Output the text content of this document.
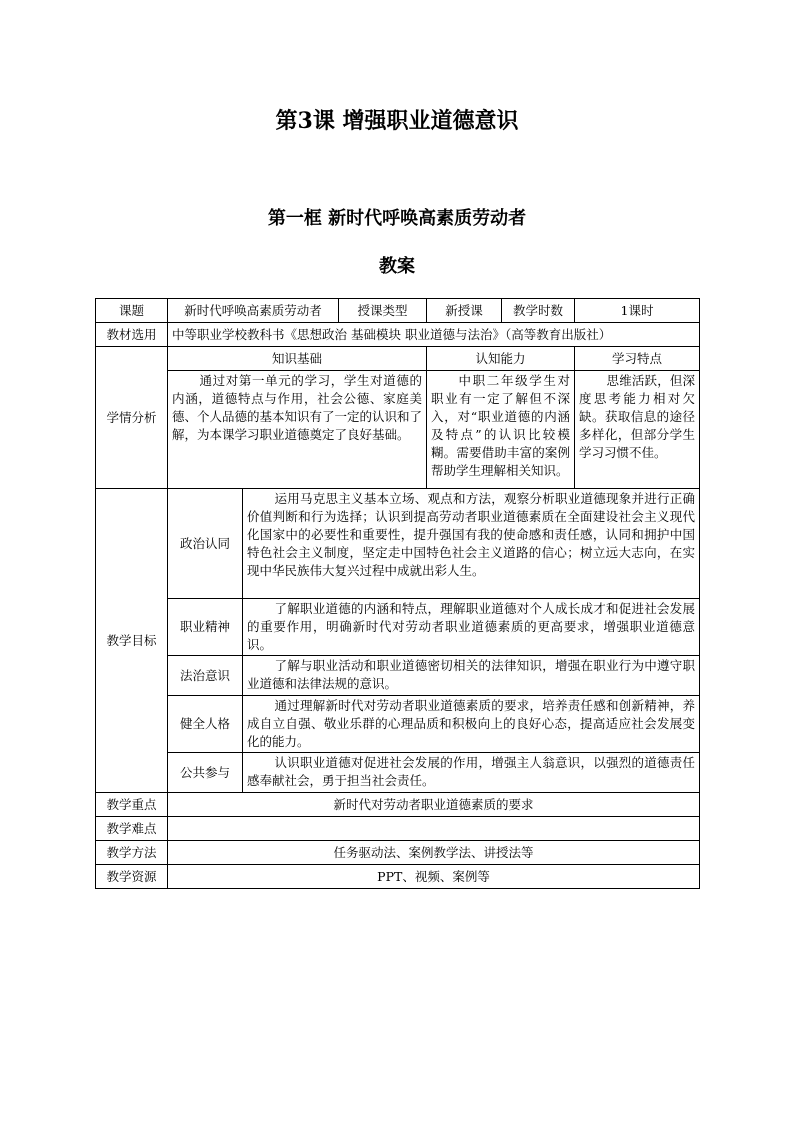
第3课 增强职业道德意识
第一框 新时代呼唤高素质劳动者
教案
课题	新时代呼唤高素质劳动者		授课类型	新授课	教学时数	1课时
教材选用	中等职业学校教科书《思想政治 基础模块 职业道德与法治》（高等教育出版社）					
学情分析	知识基础			认知能力		学习特点
	通过对第一单元的学习，学生对道德的内涵，道德特点与作用，社会公德、家庭美德、个人品德的基本知识有了一定的认识和了解，为本课学习职业道德奠定了良好基础。			中职二年级学生对职业有一定了解但不深入，对“职业道德的内涵及特点”的认识比较模糊。需要借助丰富的案例帮助学生理解相关知识。		思维活跃，但深度思考能力相对欠缺。获取信息的途径多样化，但部分学生学习习惯不佳。
教学目标	政治认同	运用马克思主义基本立场、观点和方法，观察分析职业道德现象并进行正确价值判断和行为选择；认识到提高劳动者职业道德素质在全面建设社会主义现代化国家中的必要性和重要性，提升强国有我的使命感和责任感，认同和拥护中国特色社会主义制度，坚定走中国特色社会主义道路的信心；树立远大志向，在实现中华民族伟大复兴过程中成就出彩人生。				
	职业精神	了解职业道德的内涵和特点，理解职业道德对个人成长成才和促进社会发展的重要作用，明确新时代对劳动者职业道德素质的更高要求，增强职业道德意识。				
	法治意识	了解与职业活动和职业道德密切相关的法律知识，增强在职业行为中遵守职业道德和法律法规的意识。				
	健全人格	通过理解新时代对劳动者职业道德素质的要求，培养责任感和创新精神，养成自立自强、敬业乐群的心理品质和积极向上的良好心态，提高适应社会发展变化的能力。				
	公共参与	认识职业道德对促进社会发展的作用，增强主人翁意识，以强烈的道德责任感奉献社会，勇于担当社会责任。				
教学重点	新时代对劳动者职业道德素质的要求					
教学难点						
教学方法	任务驱动法、案例教学法、讲授法等					
教学资源	PPT、视频、案例等					
